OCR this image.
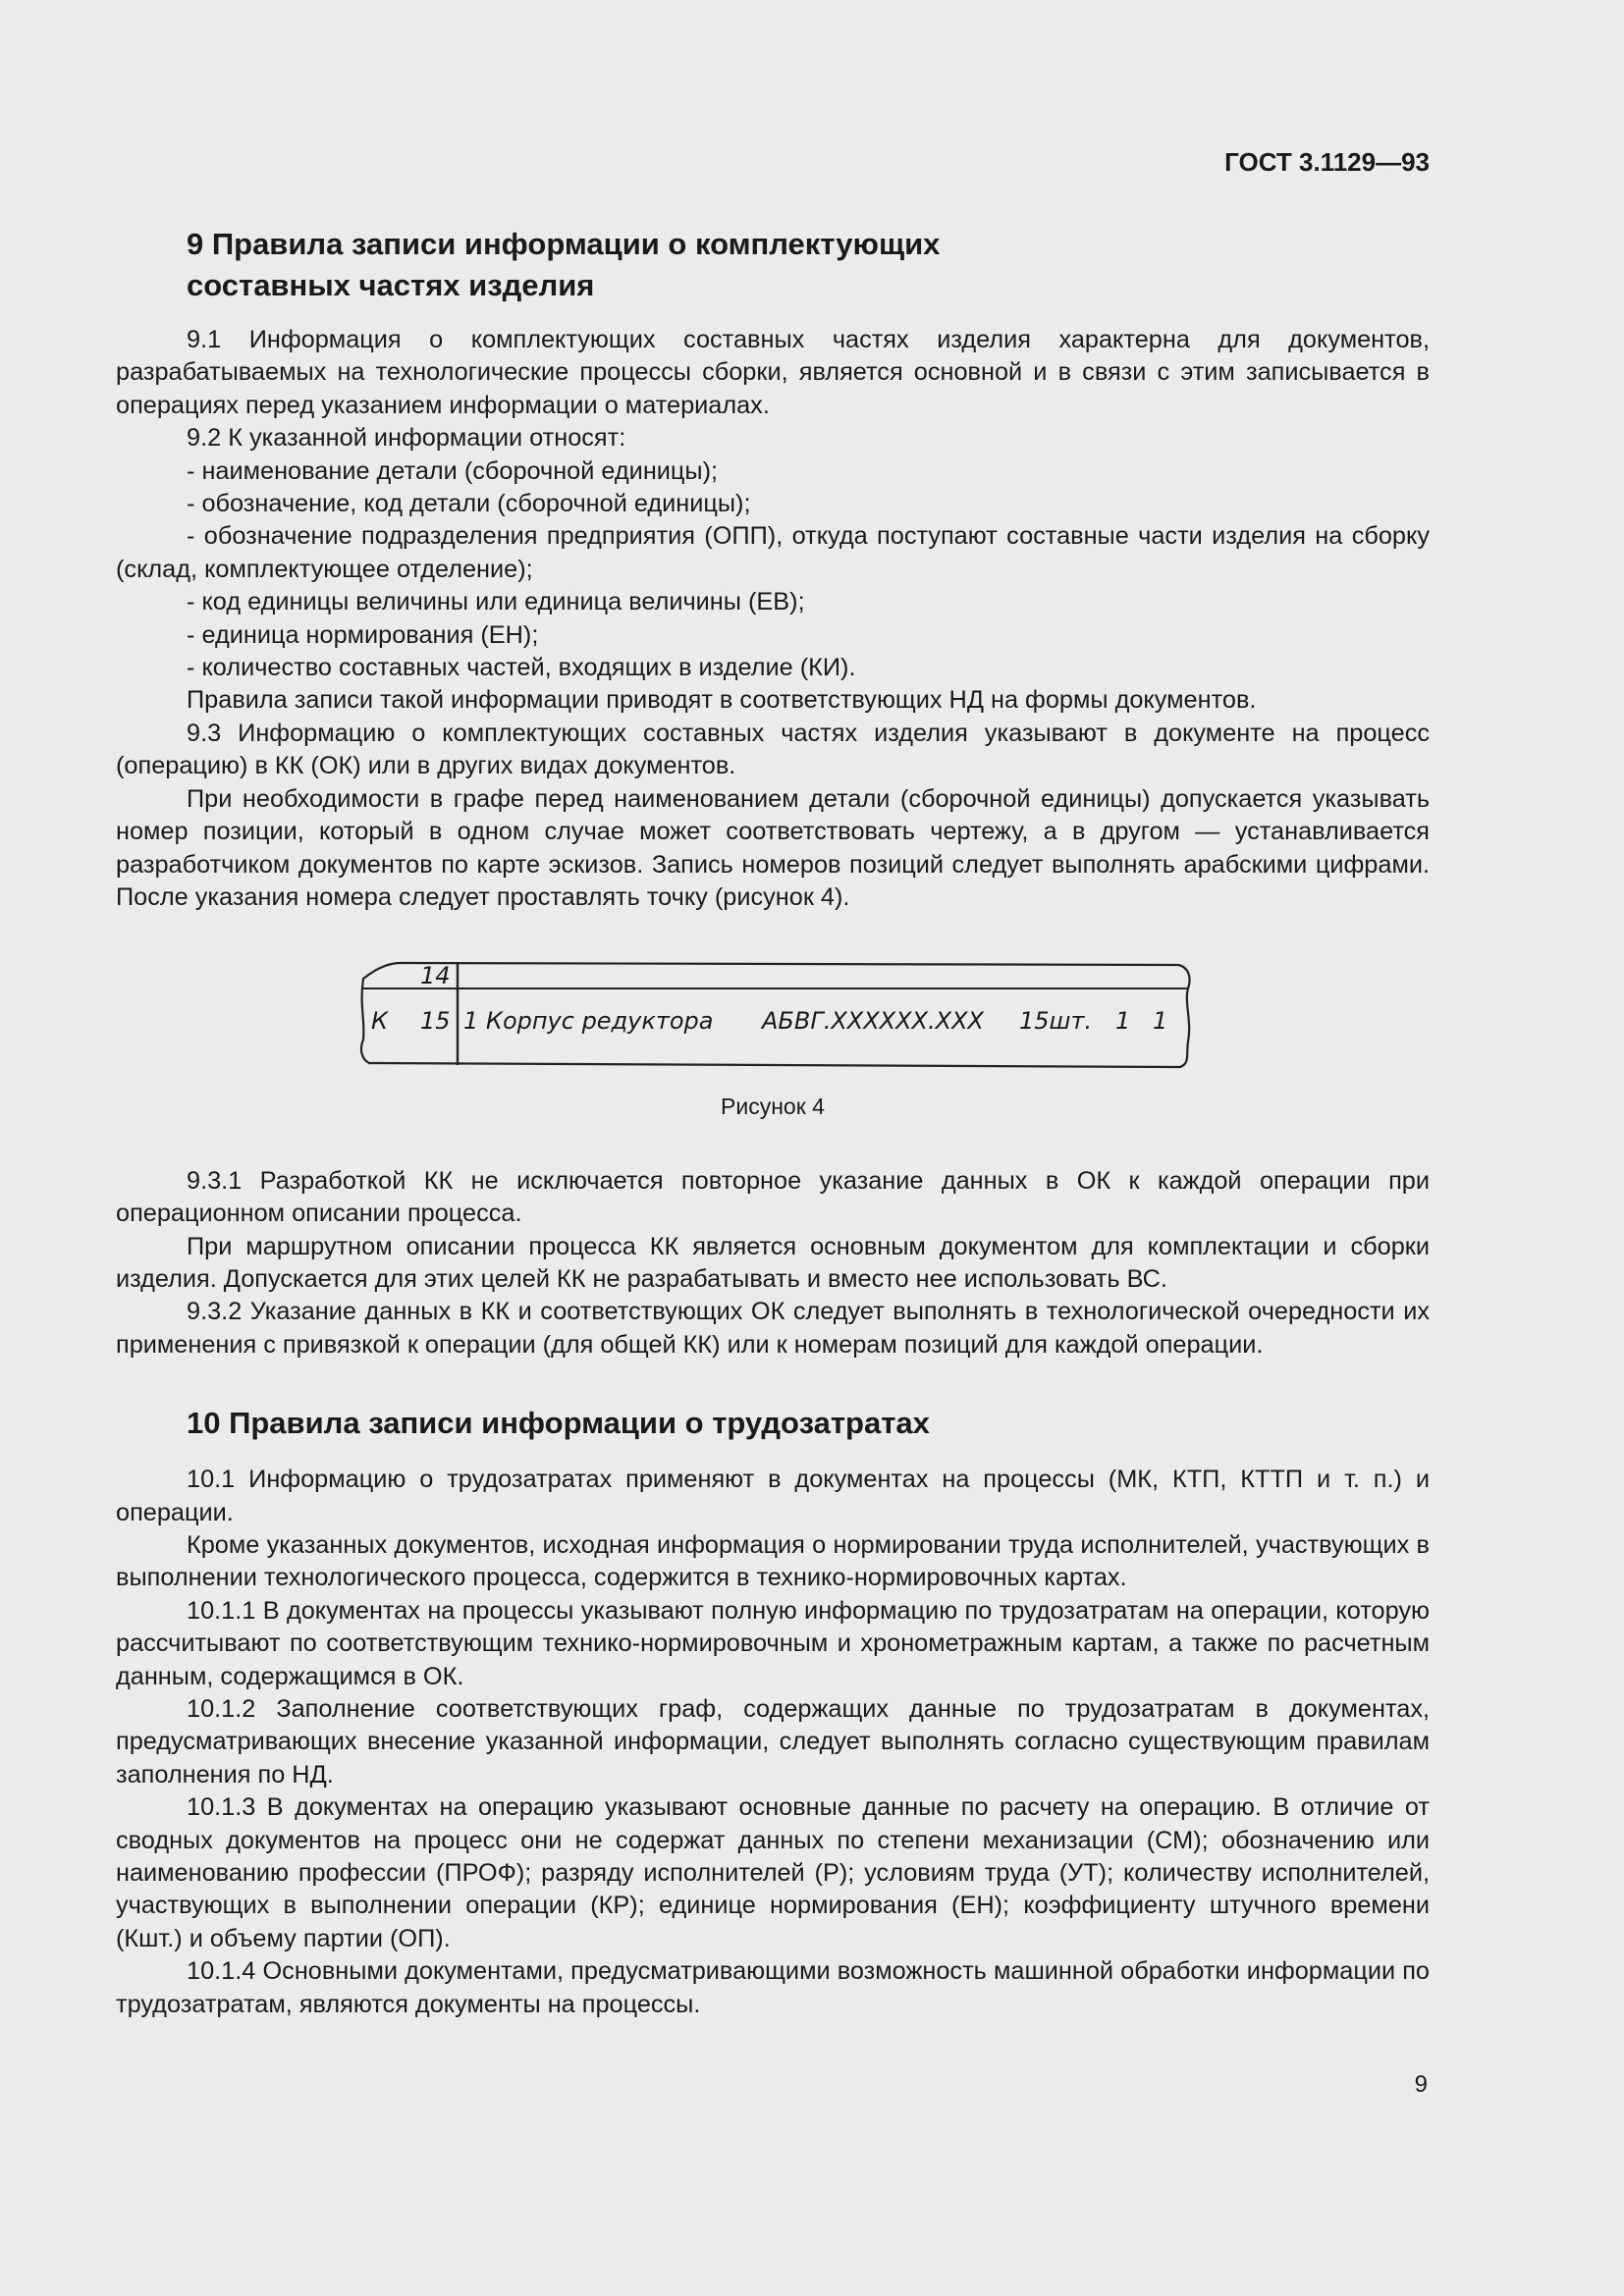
ГОСТ 3.1129—93
9 Правила записи информации о комплектующих
составных частях изделия

9.1 Информация о комплектующих составных частях изделия характерна для документов, разрабатываемых на технологические процессы сборки, является основной и в связи с этим записывается в операциях перед указанием информации о материалах.

9.2 К указанной информации относят:

- наименование детали (сборочной единицы);

- обозначение, код детали (сборочной единицы);

- обозначение подразделения предприятия (ОПП), откуда поступают составные части изделия на сборку (склад, комплектующее отделение);

- код единицы величины или единица величины (ЕВ);

- единица нормирования (ЕН);

- количество составных частей, входящих в изделие (КИ).

Правила записи такой информации приводят в соответствующих НД на формы документов.

9.3 Информацию о комплектующих составных частях изделия указывают в документе на процесс (операцию) в КК (ОК) или в других видах документов.

При необходимости в графе перед наименованием детали (сборочной единицы) допускается указывать номер позиции, который в одном случае может соответствовать чертежу, а в другом — устанавливается разработчиком документов по карте эскизов. Запись номеров позиций следует выполнять арабскими цифрами. После указания номера следует проставлять точку (рисунок 4).

14
К 15 1 Корпус редуктора АБВГ.XXXXXX.XXX 15шт. 1 1
Рисунок 4

9.3.1 Разработкой КК не исключается повторное указание данных в ОК к каждой операции при операционном описании процесса.

При маршрутном описании процесса КК является основным документом для комплектации и сборки изделия. Допускается для этих целей КК не разрабатывать и вместо нее использовать ВС.

9.3.2 Указание данных в КК и соответствующих ОК следует выполнять в технологической очередности их применения с привязкой к операции (для общей КК) или к номерам позиций для каждой операции.

10 Правила записи информации о трудозатратах

10.1 Информацию о трудозатратах применяют в документах на процессы (МК, КТП, КТТП и т. п.) и операции.

Кроме указанных документов, исходная информация о нормировании труда исполнителей, участвующих в выполнении технологического процесса, содержится в технико-нормировочных картах.

10.1.1 В документах на процессы указывают полную информацию по трудозатратам на операции, которую рассчитывают по соответствующим технико-нормировочным и хронометражным картам, а также по расчетным данным, содержащимся в ОК.

10.1.2 Заполнение соответствующих граф, содержащих данные по трудозатратам в документах, предусматривающих внесение указанной информации, следует выполнять согласно существующим правилам заполнения по НД.

10.1.3 В документах на операцию указывают основные данные по расчету на операцию. В отличие от сводных документов на процесс они не содержат данных по степени механизации (СМ); обозначению или наименованию профессии (ПРОФ); разряду исполнителей (Р); условиям труда (УТ); количеству исполнителей, участвующих в выполнении операции (КР); единице нормирования (ЕН); коэффициенту штучного времени (Кшт.) и объему партии (ОП).

10.1.4 Основными документами, предусматривающими возможность машинной обработки информации по трудозатратам, являются документы на процессы.

9
